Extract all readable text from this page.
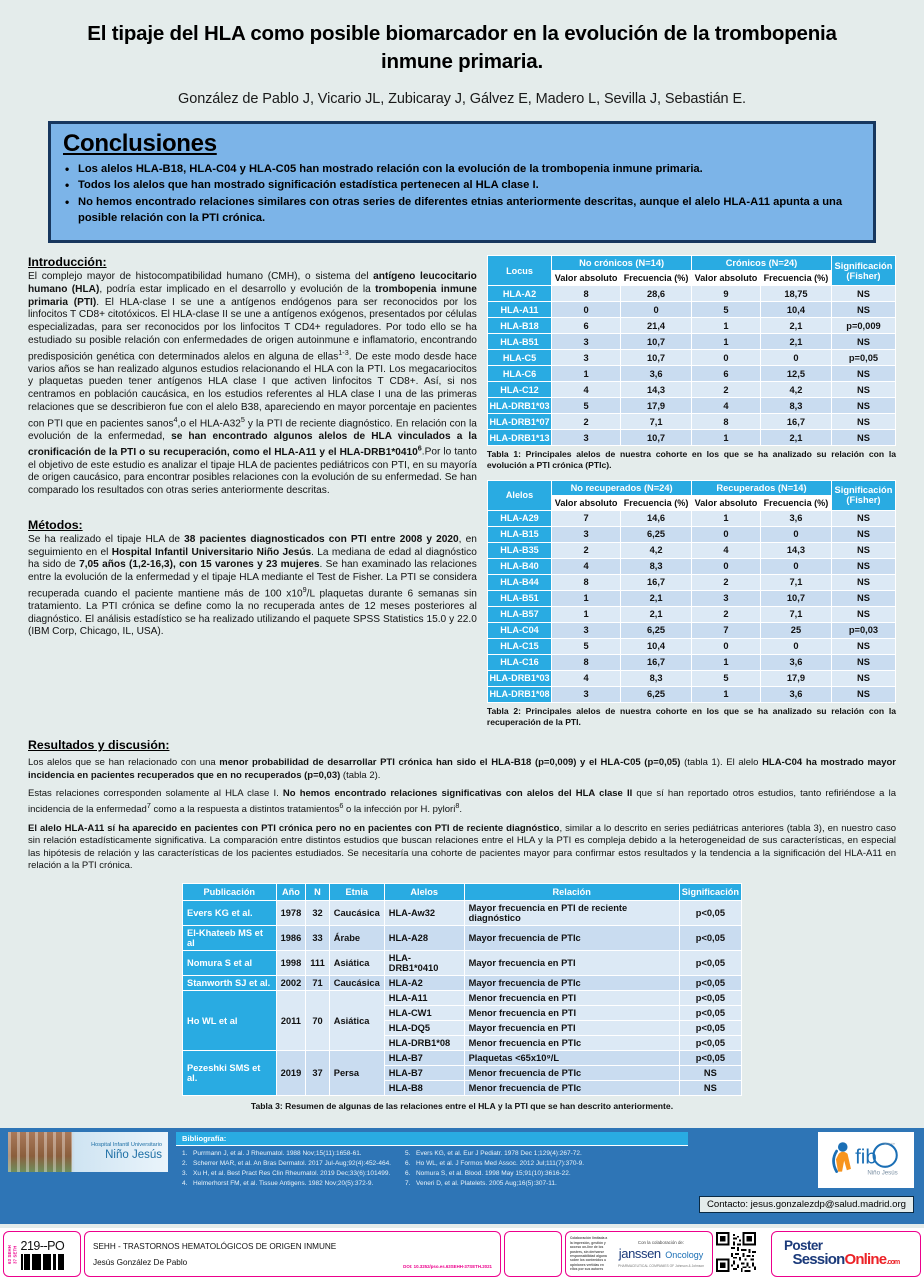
El tipaje del HLA como posible biomarcador en la evolución de la trombopenia inmune primaria.
González de Pablo J, Vicario JL, Zubicaray J, Gálvez E, Madero L, Sevilla J, Sebastián E.
Conclusiones
• Los alelos HLA-B18, HLA-C04 y HLA-C05 han mostrado relación con la evolución de la trombopenia inmune primaria.
• Todos los alelos que han mostrado significación estadística pertenecen al HLA clase I.
• No hemos encontrado relaciones similares con otras series de diferentes etnias anteriormente descritas, aunque el alelo HLA-A11 apunta a una posible relación con la PTI crónica.
Introducción:
El complejo mayor de histocompatibilidad humano (CMH), o sistema del antígeno leucocitario humano (HLA), podría estar implicado en el desarrollo y evolución de la trombopenia inmune primaria (PTI). El HLA-clase I se une a antígenos endógenos para ser reconocidos por los linfocitos T CD8+ citotóxicos. El HLA-clase II se une a antígenos exógenos, presentados por células especializadas, para ser reconocidos por los linfocitos T CD4+ reguladores. Por todo ello se ha estudiado su posible relación con enfermedades de origen autoinmune e inflamatorio, encontrando predisposición genética con determinados alelos en alguna de ellas$^{1-3}$. De este modo desde hace varios años se han realizado algunos estudios relacionando el HLA con la PTI. Los megacariocitos y plaquetas pueden tener antígenos HLA clase I que activen linfocitos T CD8+. Así, si nos centramos en población caucásica, en los estudios referentes al HLA clase I una de las primeras relaciones que se describieron fue con el alelo B38, apareciendo en mayor porcentaje en pacientes con PTI que en pacientes sanos$^4$,o el HLA-$A32^5$ y la PTI de reciente diagnóstico. En relación con la evolución de la enfermedad, se han encontrado algunos alelos de HLA vinculados a la cronificación de la PTI o su recuperación, como el HLA-A11 y el HLA-DRB1*0410$^6$.Por lo tanto el objetivo de este estudio es analizar el tipaje HLA de pacientes pediátricos con PTI, en su mayoría de origen caucásico, para encontrar posibles relaciones con la evolución de su enfermedad. Se han comparado los resultados con otras series anteriormente descritas.
Métodos:
Se ha realizado el tipaje HLA de 38 pacientes diagnosticados con PTI entre 2008 y 2020, en seguimiento en el Hospital Infantil Universitario Niño Jesús. La mediana de edad al diagnóstico ha sido de 7,05 años (1,2-16,3), con 15 varones y 23 mujeres. Se han examinado las relaciones entre la evolución de la enfermedad y el tipaje HLA mediante el Test de Fisher. La PTI se considera recuperada cuando el paciente mantiene más de 100 $x10^9/L$ plaquetas durante 6 semanas sin tratamiento. La PTI crónica se define como la no recuperada antes de 12 meses posteriores al diagnóstico. El análisis estadístico se ha realizado utilizando el paquete SPSS Statistics 15.0 y 22.0 (IBM Corp, Chicago, IL, USA).
Locus	No crónicos (N=14)		Crónicos (N=24)		Significación
(Fisher)
	Valor absoluto	Frecuencia (%)	Valor absoluto	Frecuencia (%)	
HLA-A2	8	28,6	9	18,75	NS
HLA-A11	0	0	5	10,4	NS
HLA-B18	6	21,4	1	2,1	p=0,009
HLA-B51	3	10,7	1	2,1	NS
HLA-C5	3	10,7	0	0	p=0,05
HLA-C6	1	3,6	6	12,5	NS
HLA-C12	4	14,3	2	4,2	NS
HLA-DRB1*03	5	17,9	4	8,3	NS
HLA-DRB1*07	2	7,1	8	16,7	NS
HLA-DRB1*13	3	10,7	1	2,1	NS
Tabla 1: Principales alelos de nuestra cohorte en los que se ha analizado su relación con la evolución a PTI crónica (PTIc).
Alelos	No recuperados (N=24)		Recuperados (N=14)		Significación
(Fisher)
	Valor absoluto	Frecuencia (%)	Valor absoluto	Frecuencia (%)	
HLA-A29	7	14,6	1	3,6	NS
HLA-B15	3	6,25	0	0	NS
HLA-B35	2	4,2	4	14,3	NS
HLA-B40	4	8,3	0	0	NS
HLA-B44	8	16,7	2	7,1	NS
HLA-B51	1	2,1	3	10,7	NS
HLA-B57	1	2,1	2	7,1	NS
HLA-C04	3	6,25	7	25	p=0,03
HLA-C15	5	10,4	0	0	NS
HLA-C16	8	16,7	1	3,6	NS
HLA-DRB1*03	4	8,3	5	17,9	NS
HLA-DRB1*08	3	6,25	1	3,6	NS
Tabla 2: Principales alelos de nuestra cohorte en los que se ha analizado su relación con la recuperación de la PTI.
Resultados y discusión:

Los alelos que se han relacionado con una menor probabilidad de desarrollar PTI crónica han sido el HLA-B18 (p=0,009) y el HLA-C05 (p=0,05) (tabla 1). El alelo HLA-C04 ha mostrado mayor incidencia en pacientes recuperados que en no recuperados (p=0,03) (tabla 2).

Estas relaciones corresponden solamente al HLA clase I. No hemos encontrado relaciones significativas con alelos del HLA clase II que sí han reportado otros estudios, tanto refiriéndose a la incidencia de la enfermedad$^7$ como a la respuesta a distintos tratamientos$^6$ o la infección por H. pylori$^8$.

El alelo HLA-A11 sí ha aparecido en pacientes con PTI crónica pero no en pacientes con PTI de reciente diagnóstico, similar a lo descrito en series pediátricas anteriores (tabla 3), en nuestro caso sin relación estadísticamente significativa. La comparación entre distintos estudios que buscan relaciones entre el HLA y la PTI es compleja debido a la heterogeneidad de sus características, en especial las hipótesis de relación y las características de los pacientes estudiados. Se necesitaría una cohorte de pacientes mayor para confirmar estos resultados y la tendencia a la significación del HLA-A11 en relación a la PTI crónica.

Publicación	Año	N	Etnia	Alelos	Relación	Significación
Evers KG et al.	1978	32	Caucásica	HLA-Aw32	Mayor frecuencia en PTI de reciente diagnóstico	p<0,05
El-Khateeb MS et al	1986	33	Árabe	HLA-A28	Mayor frecuencia de PTIc	p<0,05
Nomura S et al	1998	111	Asiática	HLA-DRB1*0410	Mayor frecuencia en PTI	p<0,05
Stanworth SJ et al.	2002	71	Caucásica	HLA-A2	Mayor frecuencia de PTIc	p<0,05
Ho WL et al	2011	70	Asiática	HLA-A11	Menor frecuencia en PTI	p<0,05
				HLA-CW1	Menor frecuencia en PTI	p<0,05
				HLA-DQ5	Mayor frecuencia en PTI	p<0,05
				HLA-DRB1*08	Menor frecuencia en PTIc	p<0,05
Pezeshki SMS et al.	2019	37	Persa	HLA-B7	Plaquetas <65x10⁹/L	p<0,05
				HLA-B7	Menor frecuencia de PTIc	NS
				HLA-B8	Menor frecuencia de PTIc	NS
Tabla 3: Resumen de algunas de las relaciones entre el HLA y la PTI que se han descrito anteriormente.
Hospital Infantil Universitario
Niño Jesús
Bibliografía:
1. Purrmann J, et al. J Rheumatol. 1988 Nov;15(11):1658-61.
2. Scherrer MAR, et al. An Bras Dermatol. 2017 Jul-Aug;92(4):452-464.
3. Xu H, et al. Best Pract Res Clin Rheumatol. 2019 Dec;33(6):101499.
4. Helmerhorst FM, et al. Tissue Antigens. 1982 Nov;20(5):372-9.
5. Evers KG, et al. Eur J Pediatr. 1978 Dec 1;129(4):267-72.
6. Ho WL, et al. J Formos Med Assoc. 2012 Jul;111(7):370-9.
6. Nomura S, et al. Blood. 1998 May 15;91(10):3616-22.
7. Veneri D, et al. Platelets. 2005 Aug;16(5):307-11.
fib
Niño Jesús
Fundación
Contacto: jesus.gonzalezdp@salud.madrid.org
63 SEHH
37 SETH 219--PO	SEHH - TRASTORNOS HEMATOLÓGICOS DE ORIGEN INMUNE
Jesús González De Pablo	DOI: 10.3252/pso.es.63SEHH-37SETH.2021
Colaboración limitada a la impresión, gestión y acceso on-line de los posters, sin derivarse responsabilidad alguna sobre los contenidos u opiniones vertidas en ellos por sus autores
Con la colaboración de:
janssen Oncology
PHARMACEUTICAL COMPANIES OF Johnson & Johnson
Poster
SessionOnline.com
